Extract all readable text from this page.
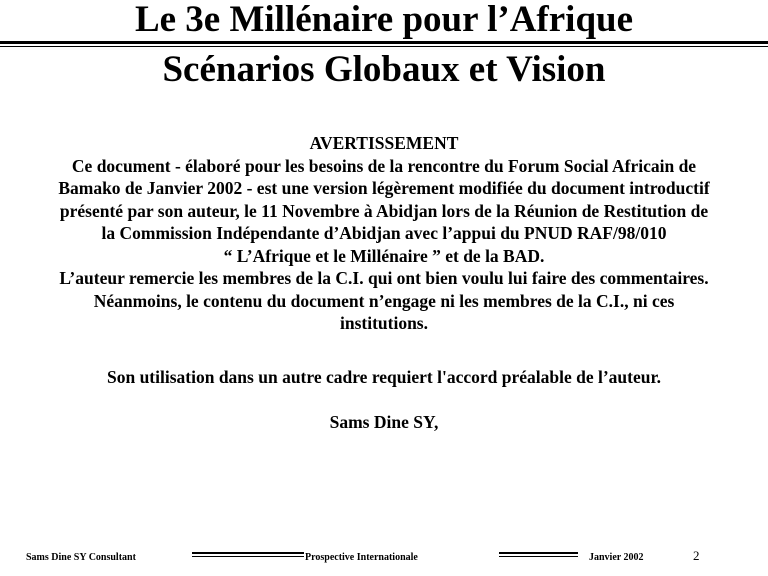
Le 3e Millénaire pour l’Afrique
Scénarios Globaux et Vision

AVERTISSEMENT

Ce document - élaboré pour les besoins de la rencontre du Forum Social Africain de

Bamako de Janvier 2002 - est une version légèrement modifiée du document introductif

présenté par son auteur, le 11 Novembre à Abidjan lors de la Réunion de Restitution de

la Commission Indépendante d’Abidjan avec l’appui du PNUD RAF/98/010

“ L’Afrique et le Millénaire ” et de la BAD.

L’auteur remercie les membres de la C.I. qui ont bien voulu lui faire des commentaires.

Néanmoins, le contenu du document n’engage ni les membres de la C.I., ni ces

institutions.

Son utilisation dans un autre cadre requiert l'accord préalable de l’auteur.

Sams Dine SY,

Sams Dine SY Consultant	Prospective Internationale	Janvier 2002	2
